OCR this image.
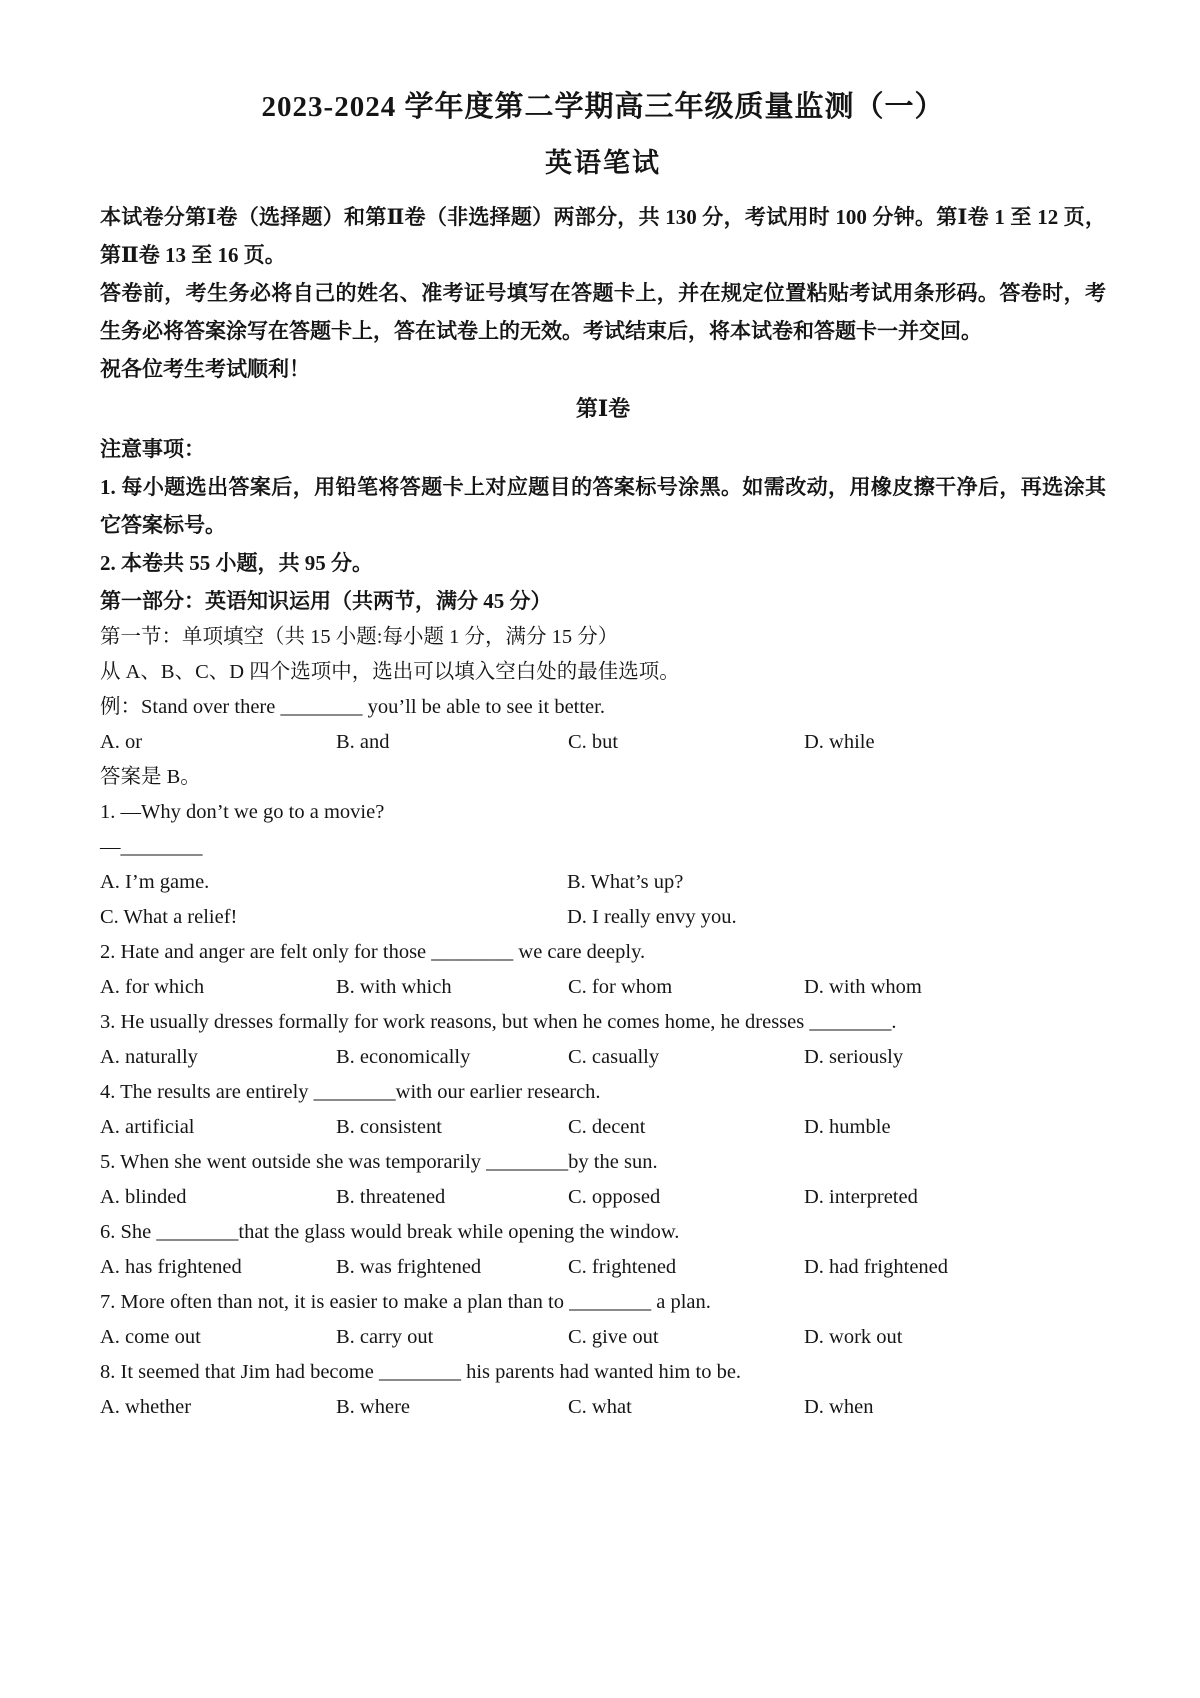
2023-2024 学年度第二学期高三年级质量监测（一）
英语笔试

本试卷分第Ⅰ卷（选择题）和第Ⅱ卷（非选择题）两部分，共 130 分，考试用时 100 分钟。第Ⅰ卷 1 至 12 页，第Ⅱ卷 13 至 16 页。

答卷前，考生务必将自己的姓名、准考证号填写在答题卡上，并在规定位置粘贴考试用条形码。答卷时，考生务必将答案涂写在答题卡上，答在试卷上的无效。考试结束后，将本试卷和答题卡一并交回。

祝各位考生考试顺利！

第Ⅰ卷

注意事项：

1. 每小题选出答案后，用铅笔将答题卡上对应题目的答案标号涂黑。如需改动，用橡皮擦干净后，再选涂其它答案标号。

2. 本卷共 55 小题，共 95 分。

第一部分：英语知识运用（共两节，满分 45 分）

第一节：单项填空（共 15 小题:每小题 1 分，满分 15 分）

从 A、B、C、D 四个选项中，选出可以填入空白处的最佳选项。

例：Stand over there ________ you’ll be able to see it better.

A. or	B. and	C. but	D. while

答案是 B。

1. —Why don’t we go to a movie?

—________

A. I’m game.	B. What’s up?
C. What a relief!	D. I really envy you.

2. Hate and anger are felt only for those ________ we care deeply.

A. for which	B. with which	C. for whom	D. with whom

3. He usually dresses formally for work reasons, but when he comes home, he dresses ________.

A. naturally	B. economically	C. casually	D. seriously

4. The results are entirely ________with our earlier research.

A. artificial	B. consistent	C. decent	D. humble

5. When she went outside she was temporarily ________by the sun.

A. blinded	B. threatened	C. opposed	D. interpreted

6. She ________that the glass would break while opening the window.

A. has frightened	B. was frightened	C. frightened	D. had frightened

7. More often than not, it is easier to make a plan than to ________ a plan.

A. come out	B. carry out	C. give out	D. work out

8. It seemed that Jim had become ________ his parents had wanted him to be.

A. whether	B. where	C. what	D. when
